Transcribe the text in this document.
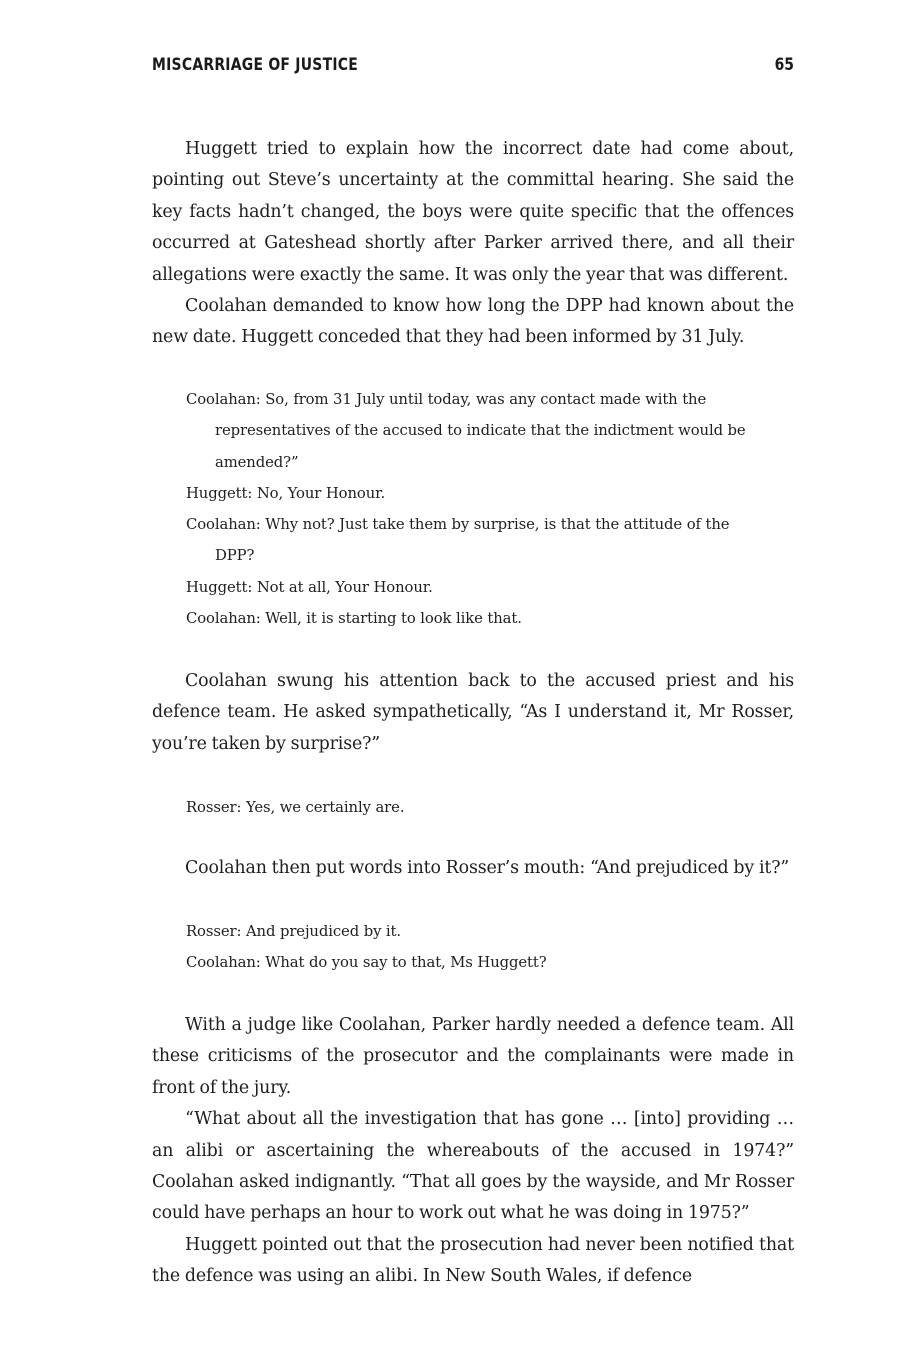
MISCARRIAGE OF JUSTICE	65

Huggett tried to explain how the incorrect date had come about, pointing out Steve’s uncertainty at the committal hearing. She said the key facts hadn’t changed, the boys were quite specific that the offences occurred at Gateshead shortly after Parker arrived there, and all their allegations were exactly the same. It was only the year that was different.

Coolahan demanded to know how long the DPP had known about the new date. Huggett conceded that they had been informed by 31 July.

Coolahan: So, from 31 July until today, was any contact made with the representatives of the accused to indicate that the indictment would be amended?”

Huggett: No, Your Honour.

Coolahan: Why not? Just take them by surprise, is that the attitude of the DPP?

Huggett: Not at all, Your Honour.

Coolahan: Well, it is starting to look like that.

Coolahan swung his attention back to the accused priest and his defence team. He asked sympathetically, “As I understand it, Mr Rosser, you’re taken by surprise?”

Rosser: Yes, we certainly are.

Coolahan then put words into Rosser’s mouth: “And prejudiced by it?”

Rosser: And prejudiced by it.

Coolahan: What do you say to that, Ms Huggett?

With a judge like Coolahan, Parker hardly needed a defence team. All these criticisms of the prosecutor and the complainants were made in front of the jury.

“What about all the investigation that has gone … [into] providing … an alibi or ascertaining the whereabouts of the accused in 1974?” Coolahan asked indignantly. “That all goes by the wayside, and Mr Rosser could have perhaps an hour to work out what he was doing in 1975?”

Huggett pointed out that the prosecution had never been notified that the defence was using an alibi. In New South Wales, if defence
